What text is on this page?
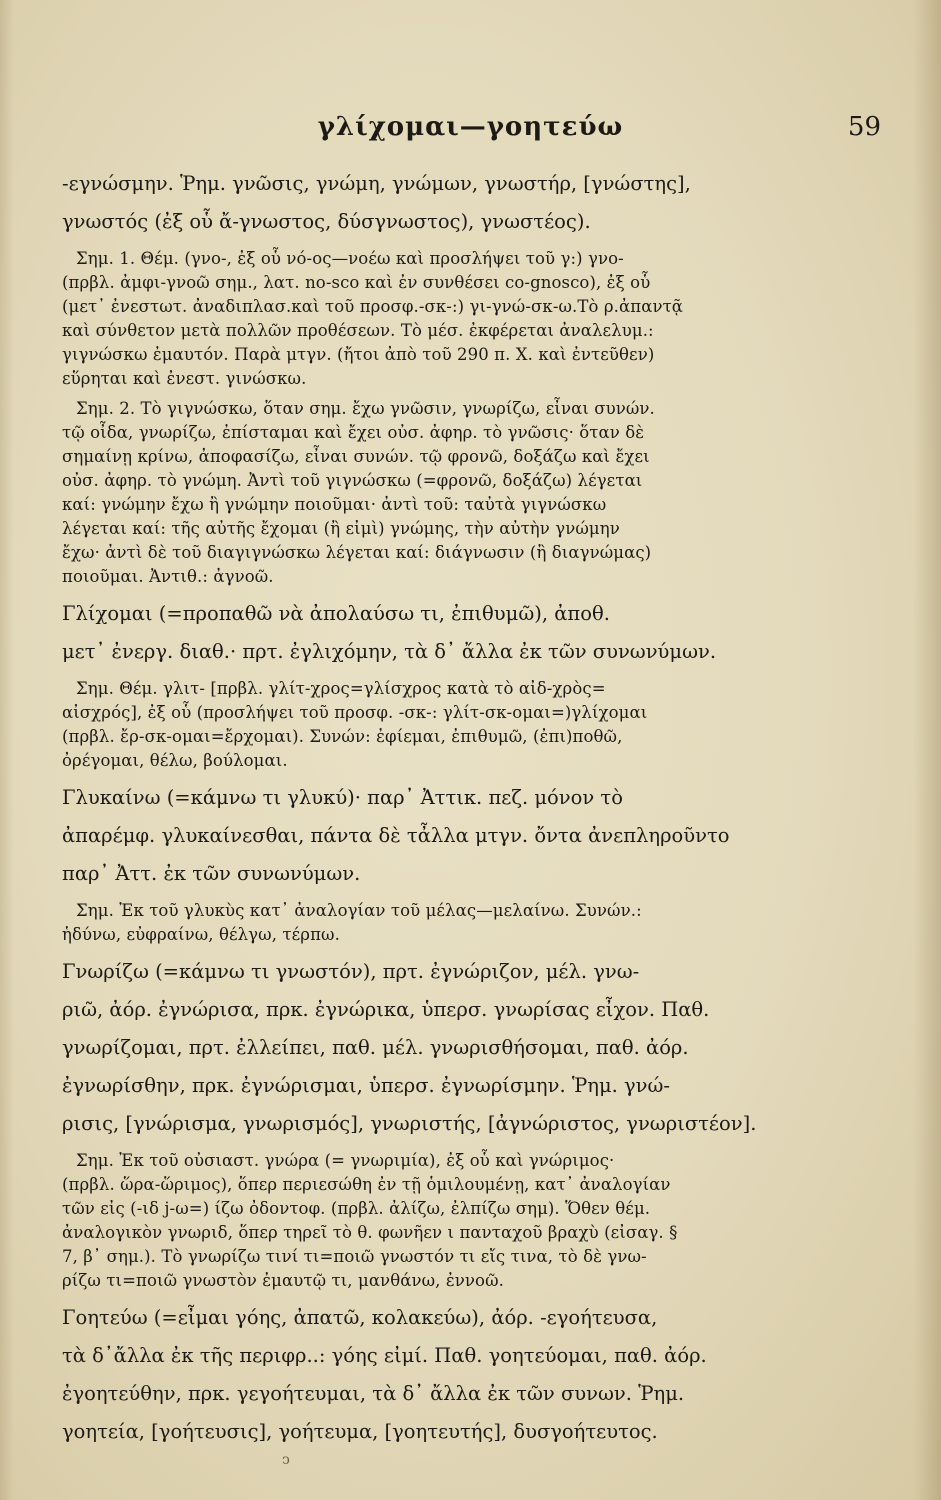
γλίχομαι—γοητεύω	59

-εγνώσμην. Ῥημ. γνῶσις, γνώμη, γνώμων, γνωστήρ, [γνώστης],

γνωστός (ἐξ οὗ ἄ-γνωστος, δύσγνωστος), γνωστέος).

Σημ. 1. Θέμ. (γνο-, ἐξ οὗ νό-ος—νοέω καὶ προσλήψει τοῦ γ:) γνο-

(πρβλ. ἀμφι-γνοῶ σημ., λατ. no-sco καὶ ἐν συνθέσει co-gnosco), ἐξ οὗ

(μετ᾽ ἐνεστωτ. ἀναδιπλασ.καὶ τοῦ προσφ.-σκ-:) γι-γνώ-σκ-ω.Τὸ ρ.ἀπαντᾷ

καὶ σύνθετον μετὰ πολλῶν προθέσεων. Τὸ μέσ. ἐκφέρεται ἀναλελυμ.:

γιγνώσκω ἐμαυτόν. Παρὰ μτγν. (ἤτοι ἀπὸ τοῦ 290 π. Χ. καὶ ἐντεῦθεν)

εὕρηται καὶ ἐνεστ. γινώσκω.

Σημ. 2. Τὸ γιγνώσκω, ὅταν σημ. ἔχω γνῶσιν, γνωρίζω, εἶναι συνών.

τῷ οἶδα, γνωρίζω, ἐπίσταμαι καὶ ἔχει οὐσ. ἀφηρ. τὸ γνῶσις· ὅταν δὲ

σημαίνῃ κρίνω, ἀποφασίζω, εἶναι συνών. τῷ φρονῶ, δοξάζω καὶ ἔχει

οὐσ. ἀφηρ. τὸ γνώμη. Ἀντὶ τοῦ γιγνώσκω (=φρονῶ, δοξάζω) λέγεται

καί: γνώμην ἔχω ἢ γνώμην ποιοῦμαι· ἀντὶ τοῦ: ταὐτὰ γιγνώσκω

λέγεται καί: τῆς αὐτῆς ἔχομαι (ἢ εἰμὶ) γνώμης, τὴν αὐτὴν γνώμην

ἔχω· ἀντὶ δὲ τοῦ διαγιγνώσκω λέγεται καί: διάγνωσιν (ἢ διαγνώμας)

ποιοῦμαι. Ἀντιθ.: ἀγνοῶ.

Γλίχομαι (=προπαθῶ νὰ ἀπολαύσω τι, ἐπιθυμῶ), ἀποθ.

μετ᾽ ἐνεργ. διαθ.· πρτ. ἐγλιχόμην, τὰ δ᾽ ἄλλα ἐκ τῶν συνωνύμων.

Σημ. Θέμ. γλιτ- [πρβλ. γλίτ-χρος=γλίσχρος κατὰ τὸ αἰδ-χρὸς=

αἰσχρός], ἐξ οὗ (προσλήψει τοῦ προσφ. -σκ-: γλίτ-σκ-ομαι=)γλίχομαι

(πρβλ. ἔρ-σκ-ομαι=ἔρχομαι). Συνών: ἐφίεμαι, ἐπιθυμῶ, (ἐπι)ποθῶ,

ὀρέγομαι, θέλω, βούλομαι.

Γλυκαίνω (=κάμνω τι γλυκύ)· παρ᾽ Ἀττικ. πεζ. μόνον τὸ

ἀπαρέμφ. γλυκαίνεσθαι, πάντα δὲ τἆλλα μτγν. ὄντα ἀνεπληροῦντο

παρ᾽ Ἀττ. ἐκ τῶν συνωνύμων.

Σημ. Ἐκ τοῦ γλυκὺς κατ᾽ ἀναλογίαν τοῦ μέλας—μελαίνω. Συνών.:

ἡδύνω, εὐφραίνω, θέλγω, τέρπω.

Γνωρίζω (=κάμνω τι γνωστόν), πρτ. ἐγνώριζον, μέλ. γνω-

ριῶ, ἀόρ. ἐγνώρισα, πρκ. ἐγνώρικα, ὑπερσ. γνωρίσας εἶχον. Παθ.

γνωρίζομαι, πρτ. ἐλλείπει, παθ. μέλ. γνωρισθήσομαι, παθ. ἀόρ.

ἐγνωρίσθην, πρκ. ἐγνώρισμαι, ὑπερσ. ἐγνωρίσμην. Ῥημ. γνώ-

ρισις, [γνώρισμα, γνωρισμός], γνωριστής, [ἀγνώριστος, γνωριστέον].

Σημ. Ἐκ τοῦ οὐσιαστ. γνώρα (= γνωριμία), ἐξ οὗ καὶ γνώριμος·

(πρβλ. ὥρα-ὥριμος), ὅπερ περιεσώθη ἐν τῇ ὁμιλουμένῃ, κατ᾽ ἀναλογίαν

τῶν εἰς (-ιδ j-ω=) ίζω ὀδοντοφ. (πρβλ. ἀλίζω, ἐλπίζω σημ). Ὅθεν θέμ.

ἀναλογικὸν γνωριδ, ὅπερ τηρεῖ τὸ θ. φωνῆεν ι πανταχοῦ βραχὺ (εἰσαγ. §

7, β᾽ σημ.). Τὸ γνωρίζω τινί τι=ποιῶ γνωστόν τι εἴς τινα, τὸ δὲ γνω-

ρίζω τι=ποιῶ γνωστὸν ἐμαυτῷ τι, μανθάνω, ἐννοῶ.

Γοητεύω (=εἶμαι γόης, ἀπατῶ, κολακεύω), ἀόρ. -εγοήτευσα,

τὰ δ᾽ἄλλα ἐκ τῆς περιφρ..: γόης εἰμί. Παθ. γοητεύομαι, παθ. ἀόρ.

ἐγοητεύθην, πρκ. γεγοήτευμαι, τὰ δ᾽ ἄλλα ἐκ τῶν συνων. Ῥημ.

γοητεία, [γοήτευσις], γοήτευμα, [γοητευτής], δυσγοήτευτος.

ↄ
